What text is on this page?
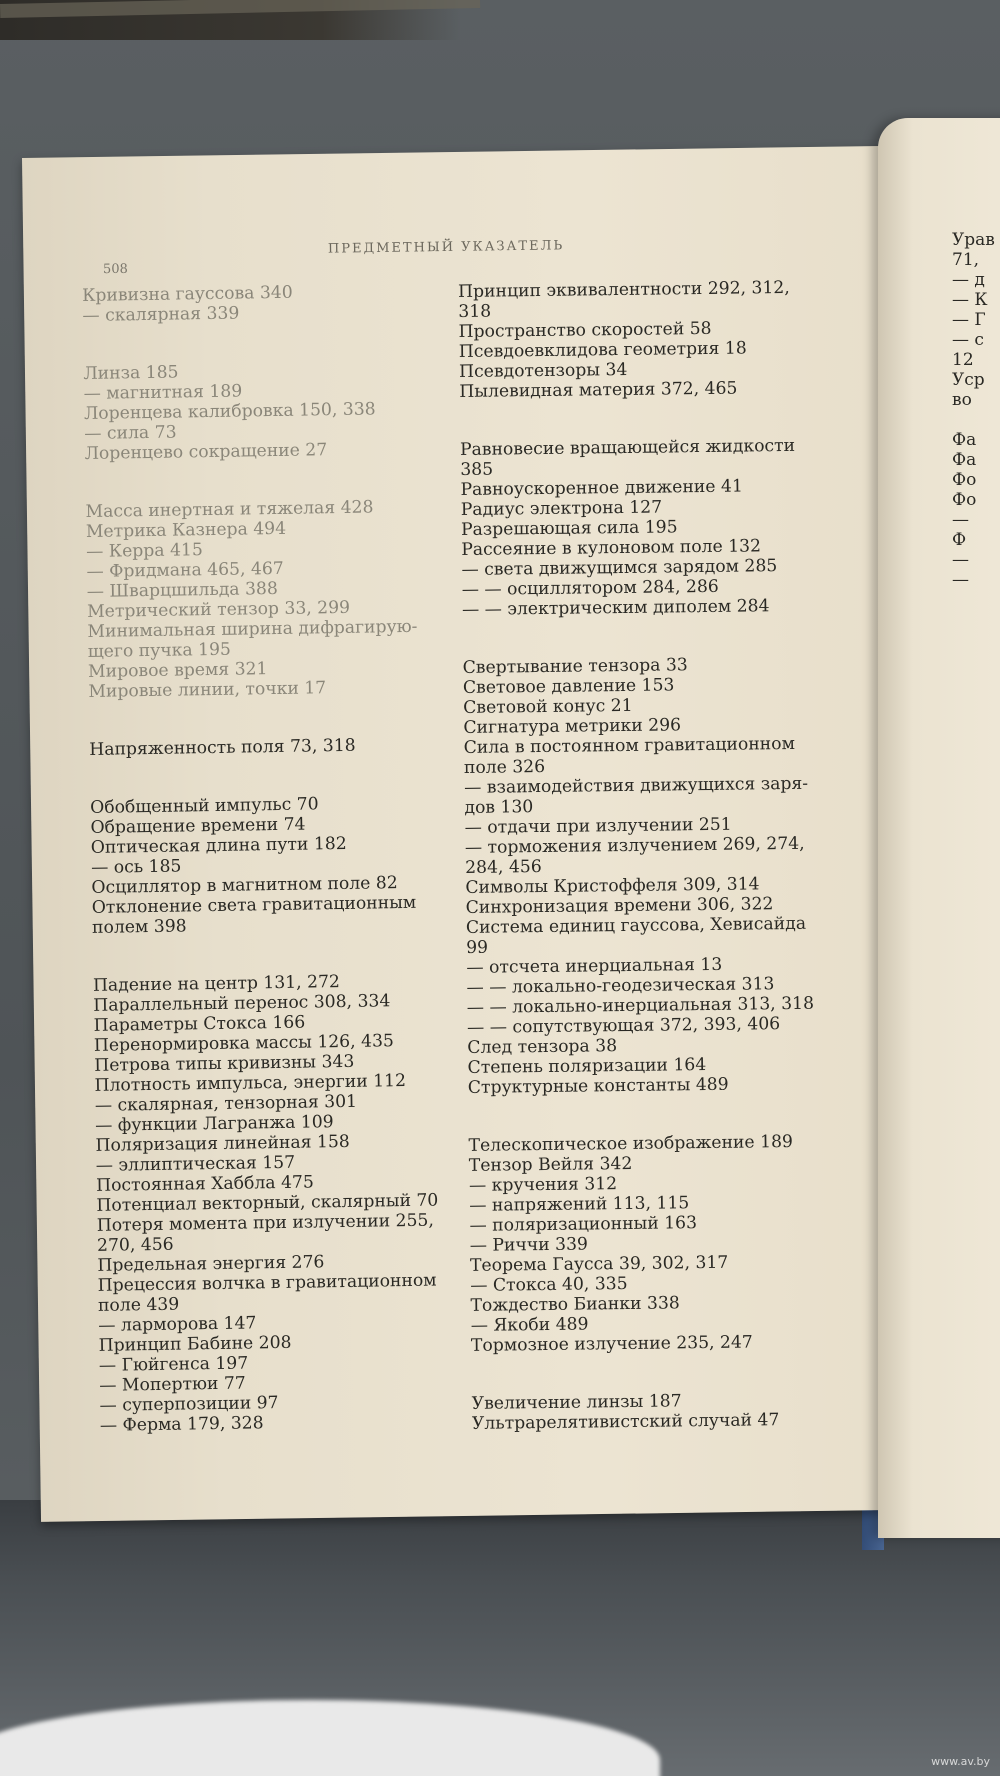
ПРЕДМЕТНЫЙ УКАЗАТЕЛЬ
508
Кривизна гауссова 340
— скалярная 339
Линза 185
— магнитная 189
Лоренцева калибровка 150, 338
— сила 73
Лоренцево сокращение 27
Масса инертная и тяжелая 428
Метрика Казнера 494
— Керра 415
— Фридмана 465, 467
— Шварцшильда 388
Метрический тензор 33, 299
Минимальная ширина дифрагирую-
щего пучка 195
Мировое время 321
Мировые линии, точки 17
Напряженность поля 73, 318
Обобщенный импульс 70
Обращение времени 74
Оптическая длина пути 182
— ось 185
Осциллятор в магнитном поле 82
Отклонение света гравитационным
полем 398
Падение на центр 131, 272
Параллельный перенос 308, 334
Параметры Стокса 166
Перенормировка массы 126, 435
Петрова типы кривизны 343
Плотность импульса, энергии 112
— скалярная, тензорная 301
— функции Лагранжа 109
Поляризация линейная 158
— эллиптическая 157
Постоянная Хаббла 475
Потенциал векторный, скалярный 70
Потеря момента при излучении 255,
270, 456
Предельная энергия 276
Прецессия волчка в гравитационном
поле 439
— ларморова 147
Принцип Бабине 208
— Гюйгенса 197
— Мопертюи 77
— суперпозиции 97
— Ферма 179, 328
Принцип эквивалентности 292, 312,
318
Пространство скоростей 58
Псевдоевклидова геометрия 18
Псевдотензоры 34
Пылевидная материя 372, 465
Равновесие вращающейся жидкости
385
Равноускоренное движение 41
Радиус электрона 127
Разрешающая сила 195
Рассеяние в кулоновом поле 132
— света движущимся зарядом 285
— — осциллятором 284, 286
— — электрическим диполем 284
Свертывание тензора 33
Световое давление 153
Световой конус 21
Сигнатура метрики 296
Сила в постоянном гравитационном
поле 326
— взаимодействия движущихся заря-
дов 130
— отдачи при излучении 251
— торможения излучением 269, 274,
284, 456
Символы Кристоффеля 309, 314
Синхронизация времени 306, 322
Система единиц гауссова, Хевисайда
99
— отсчета инерциальная 13
— — локально-геодезическая 313
— — локально-инерциальная 313, 318
— — сопутствующая 372, 393, 406
След тензора 38
Степень поляризации 164
Структурные константы 489
Телескопическое изображение 189
Тензор Вейля 342
— кручения 312
— напряжений 113, 115
— поляризационный 163
— Риччи 339
Теорема Гаусса 39, 302, 317
— Стокса 40, 335
Тождество Бианки 338
— Якоби 489
Тормозное излучение 235, 247
Увеличение линзы 187
Ультрарелятивистский случай 47
Урав
71,
— д
— К
— Г
— с
12
Уср
во

Фа
Фа
Фо
Фо
—
Ф
—
—
www.av.by
